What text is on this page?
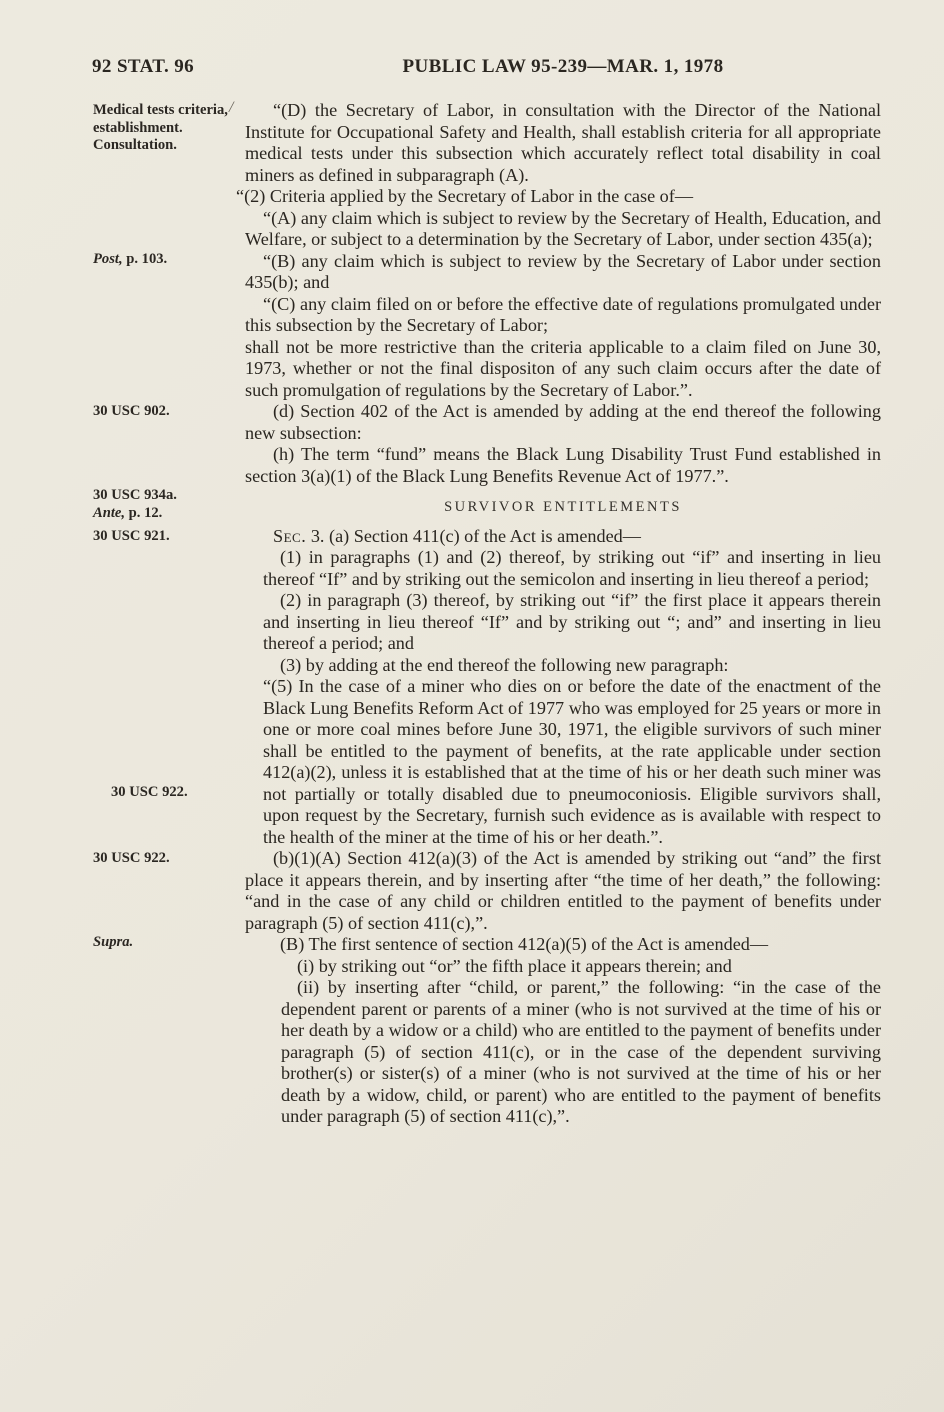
92 STAT. 96	PUBLIC LAW 95-239—MAR. 1, 1978

Medical tests criteria, establishment. Consultation.
/ “(D) the Secretary of Labor, in consultation with the Director of the National Institute for Occupational Safety and Health, shall establish criteria for all appropriate medical tests under this subsection which accurately reflect total disability in coal miners as defined in subparagraph (A).

“(2) Criteria applied by the Secretary of Labor in the case of—

Post, p. 103.
“(A) any claim which is subject to review by the Secretary of Health, Education, and Welfare, or subject to a determination by the Secretary of Labor, under section 435(a);

“(B) any claim which is subject to review by the Secretary of Labor under section 435(b); and

“(C) any claim filed on or before the effective date of regulations promulgated under this subsection by the Secretary of Labor;

shall not be more restrictive than the criteria applicable to a claim filed on June 30, 1973, whether or not the final dispositon of any such claim occurs after the date of such promulgation of regulations by the Secretary of Labor.”.

30 USC 902.	(d) Section 402 of the Act is amended by adding at the end thereof the following new subsection:

30 USC 934a.
Ante, p. 12.
(h) The term “fund” means the Black Lung Disability Trust Fund established in section 3(a)(1) of the Black Lung Benefits Revenue Act of 1977.”.

SURVIVOR ENTITLEMENTS

30 USC 921.	Sec. 3. (a) Section 411(c) of the Act is amended—

(1) in paragraphs (1) and (2) thereof, by striking out “if” and inserting in lieu thereof “If” and by striking out the semicolon and inserting in lieu thereof a period;

(2) in paragraph (3) thereof, by striking out “if” the first place it appears therein and inserting in lieu thereof “If” and by striking out “; and” and inserting in lieu thereof a period; and

(3) by adding at the end thereof the following new paragraph:

30 USC 922.
“(5) In the case of a miner who dies on or before the date of the enactment of the Black Lung Benefits Reform Act of 1977 who was employed for 25 years or more in one or more coal mines before June 30, 1971, the eligible survivors of such miner shall be entitled to the payment of benefits, at the rate applicable under section 412(a)(2), unless it is established that at the time of his or her death such miner was not partially or totally disabled due to pneumoconiosis. Eligible survivors shall, upon request by the Secretary, furnish such evidence as is available with respect to the health of the miner at the time of his or her death.”.

30 USC 922.
Supra.
(b)(1)(A) Section 412(a)(3) of the Act is amended by striking out “and” the first place it appears therein, and by inserting after “the time of her death,” the following: “and in the case of any child or children entitled to the payment of benefits under paragraph (5) of section 411(c),”.

(B) The first sentence of section 412(a)(5) of the Act is amended—

(i) by striking out “or” the fifth place it appears therein; and

(ii) by inserting after “child, or parent,” the following: “in the case of the dependent parent or parents of a miner (who is not survived at the time of his or her death by a widow or a child) who are entitled to the payment of benefits under paragraph (5) of section 411(c), or in the case of the dependent surviving brother(s) or sister(s) of a miner (who is not survived at the time of his or her death by a widow, child, or parent) who are entitled to the payment of benefits under paragraph (5) of section 411(c),”.
